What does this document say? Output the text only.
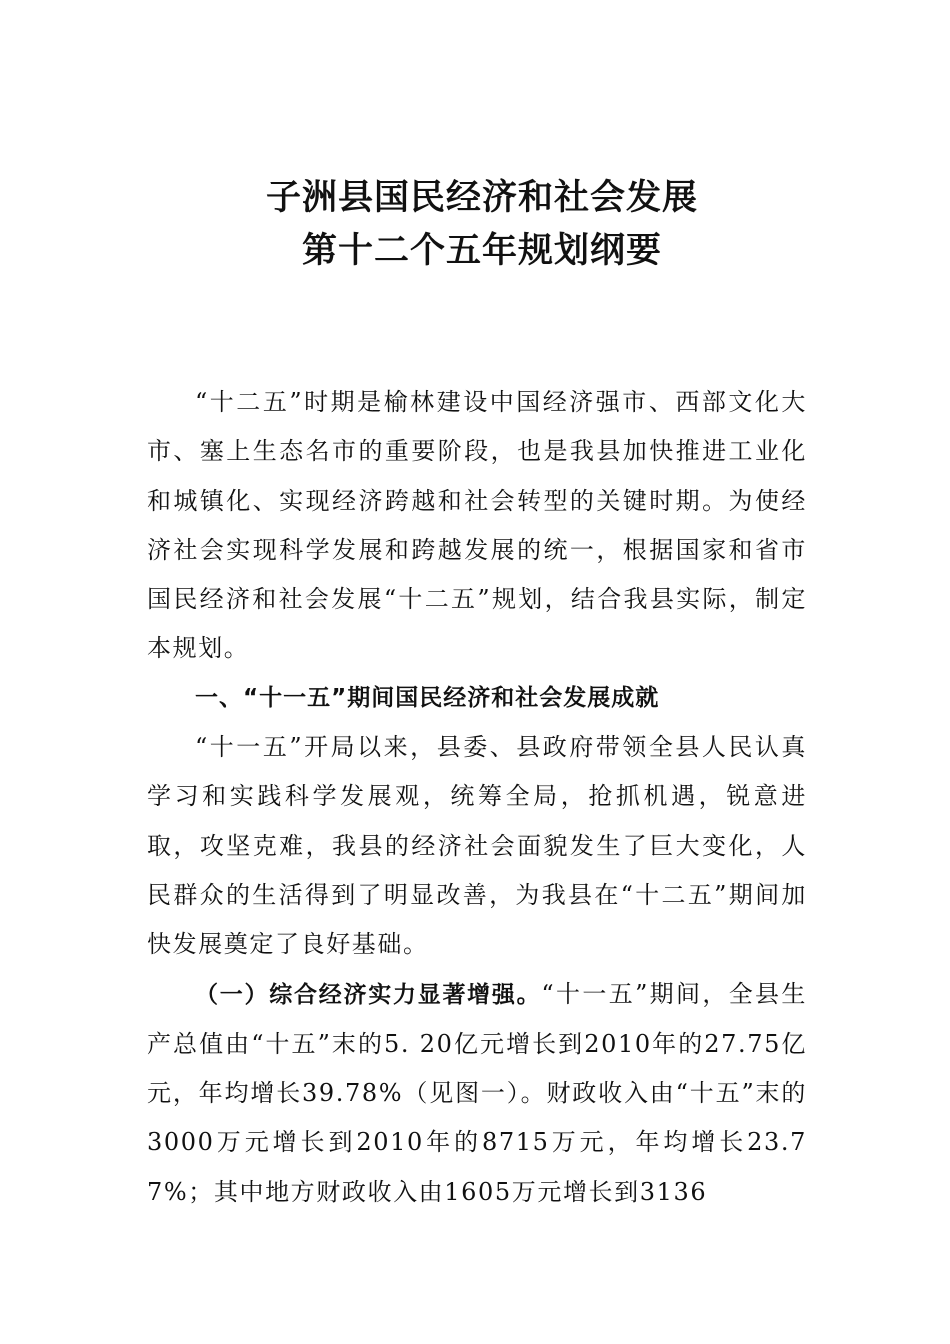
子洲县国民经济和社会发展
第十二个五年规划纲要

“十二五”时期是榆林建设中国经济强市、西部文化大市、塞上生态名市的重要阶段，也是我县加快推进工业化和城镇化、实现经济跨越和社会转型的关键时期。为使经济社会实现科学发展和跨越发展的统一，根据国家和省市国民经济和社会发展“十二五”规划，结合我县实际，制定本规划。

一、“十一五”期间国民经济和社会发展成就

“十一五”开局以来，县委、县政府带领全县人民认真学习和实践科学发展观，统筹全局，抢抓机遇，锐意进取，攻坚克难，我县的经济社会面貌发生了巨大变化，人民群众的生活得到了明显改善，为我县在“十二五”期间加快发展奠定了良好基础。

（一）综合经济实力显著增强。“十一五”期间，全县生产总值由“十五”末的5. 20亿元增长到2010年的27.75亿元，年均增长39.78%（见图一）。财政收入由“十五”末的3000万元增长到2010年的8715万元，年均增长23.77%；其中地方财政收入由1605万元增长到3136
